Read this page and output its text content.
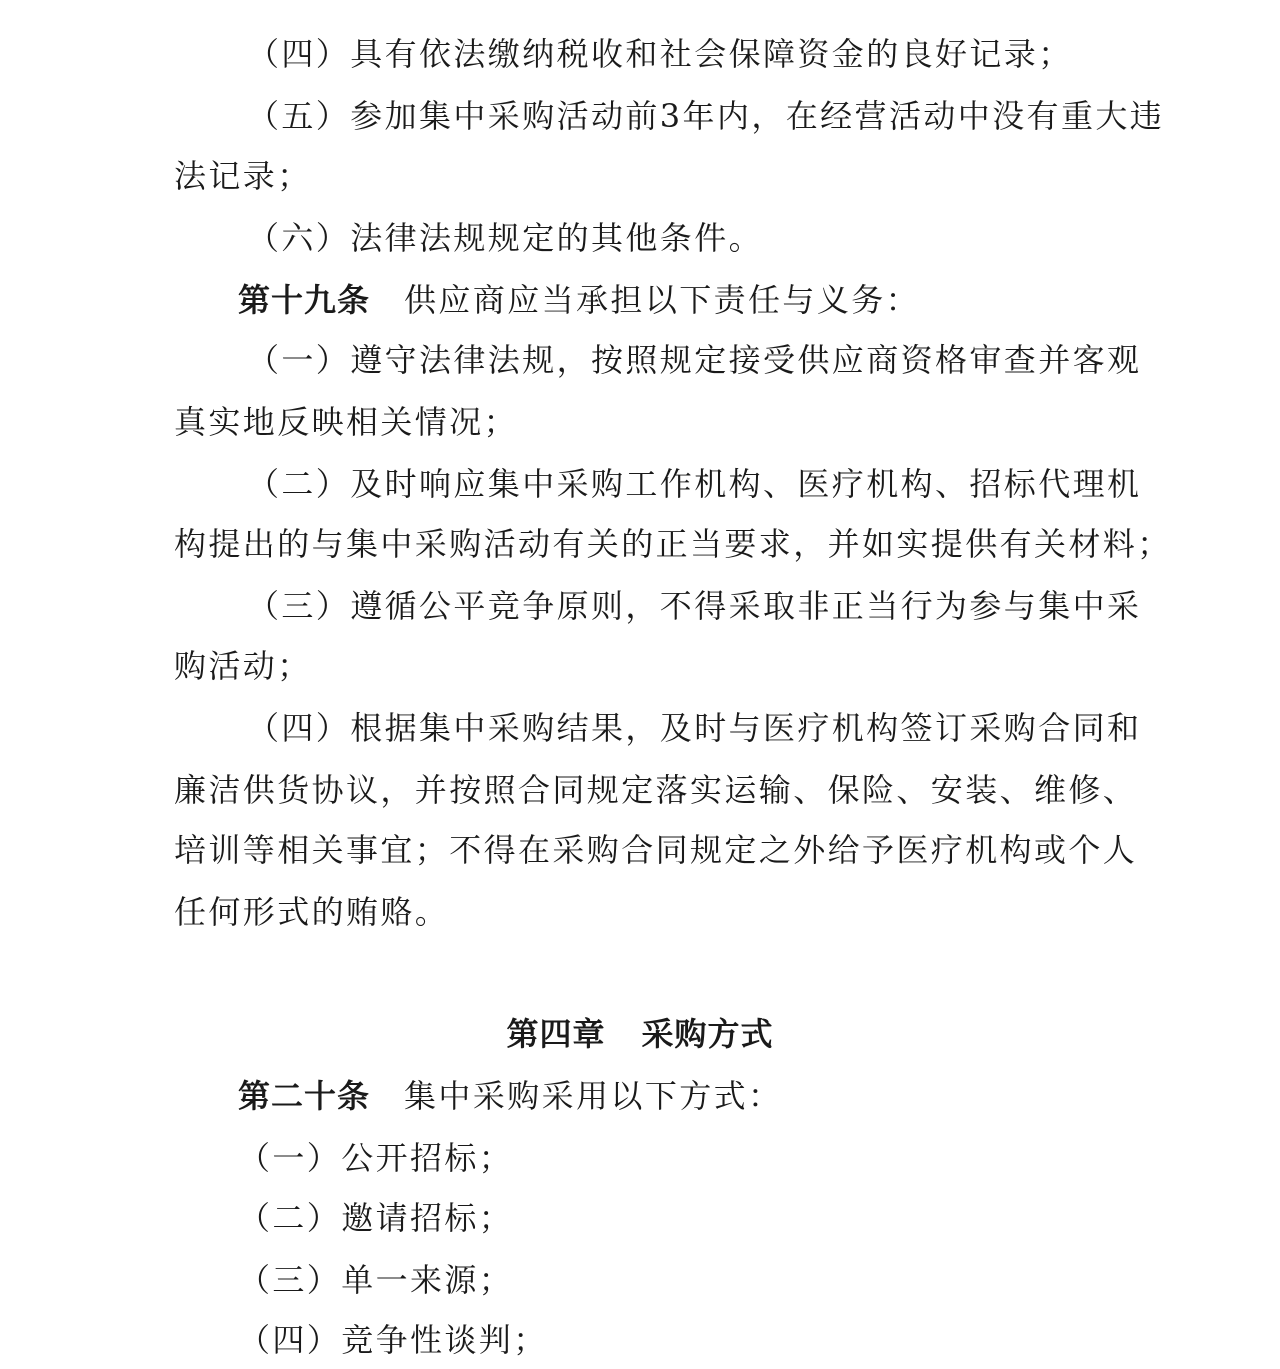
（四）具有依法缴纳税收和社会保障资金的良好记录；

（五）参加集中采购活动前3年内，在经营活动中没有重大违

法记录；

（六）法律法规规定的其他条件。

第十九条 供应商应当承担以下责任与义务：

（一）遵守法律法规，按照规定接受供应商资格审查并客观

真实地反映相关情况；

（二）及时响应集中采购工作机构、医疗机构、招标代理机

构提出的与集中采购活动有关的正当要求，并如实提供有关材料；

（三）遵循公平竞争原则，不得采取非正当行为参与集中采

购活动；

（四）根据集中采购结果，及时与医疗机构签订采购合同和

廉洁供货协议，并按照合同规定落实运输、保险、安装、维修、

培训等相关事宜；不得在采购合同规定之外给予医疗机构或个人

任何形式的贿赂。

第四章 采购方式

第二十条 集中采购采用以下方式：

（一）公开招标；

（二）邀请招标；

（三）单一来源；

（四）竞争性谈判；
